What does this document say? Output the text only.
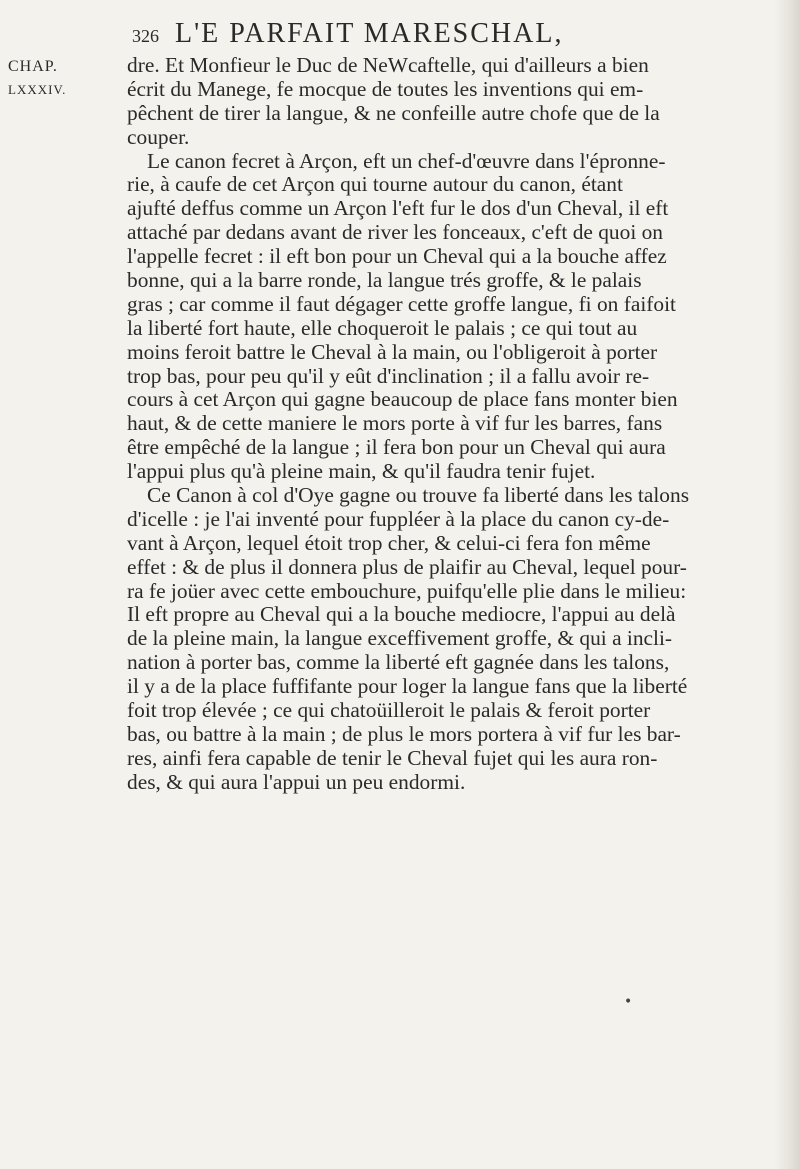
326 L'E PARFAIT MARESCHAL,
CHAP.
LXXXIV.
dre. Et Monfieur le Duc de NeWcaftelle, qui d'ailleurs a bien
écrit du Manege, fe mocque de toutes les inventions qui em-
pêchent de tirer la langue, & ne confeille autre chofe que de la
couper.
Le canon fecret à Arçon, eft un chef-d'œuvre dans l'épronne-
rie, à caufe de cet Arçon qui tourne autour du canon, étant
ajufté deffus comme un Arçon l'eft fur le dos d'un Cheval, il eft
attaché par dedans avant de river les fonceaux, c'eft de quoi on
l'appelle fecret : il eft bon pour un Cheval qui a la bouche affez
bonne, qui a la barre ronde, la langue trés groffe, & le palais
gras ; car comme il faut dégager cette groffe langue, fi on faifoit
la liberté fort haute, elle choqueroit le palais ; ce qui tout au
moins feroit battre le Cheval à la main, ou l'obligeroit à porter
trop bas, pour peu qu'il y eût d'inclination ; il a fallu avoir re-
cours à cet Arçon qui gagne beaucoup de place fans monter bien
haut, & de cette maniere le mors porte à vif fur les barres, fans
être empêché de la langue ; il fera bon pour un Cheval qui aura
l'appui plus qu'à pleine main, & qu'il faudra tenir fujet.
Ce Canon à col d'Oye gagne ou trouve fa liberté dans les talons
d'icelle : je l'ai inventé pour fuppléer à la place du canon cy-de-
vant à Arçon, lequel étoit trop cher, & celui-ci fera fon même
effet : & de plus il donnera plus de plaifir au Cheval, lequel pour-
ra fe joüer avec cette embouchure, puifqu'elle plie dans le milieu:
Il eft propre au Cheval qui a la bouche mediocre, l'appui au delà
de la pleine main, la langue exceffivement groffe, & qui a incli-
nation à porter bas, comme la liberté eft gagnée dans les talons,
il y a de la place fuffifante pour loger la langue fans que la liberté
foit trop élevée ; ce qui chatoüilleroit le palais & feroit porter
bas, ou battre à la main ; de plus le mors portera à vif fur les bar-
res, ainfi fera capable de tenir le Cheval fujet qui les aura ron-
des, & qui aura l'appui un peu endormi.
•
